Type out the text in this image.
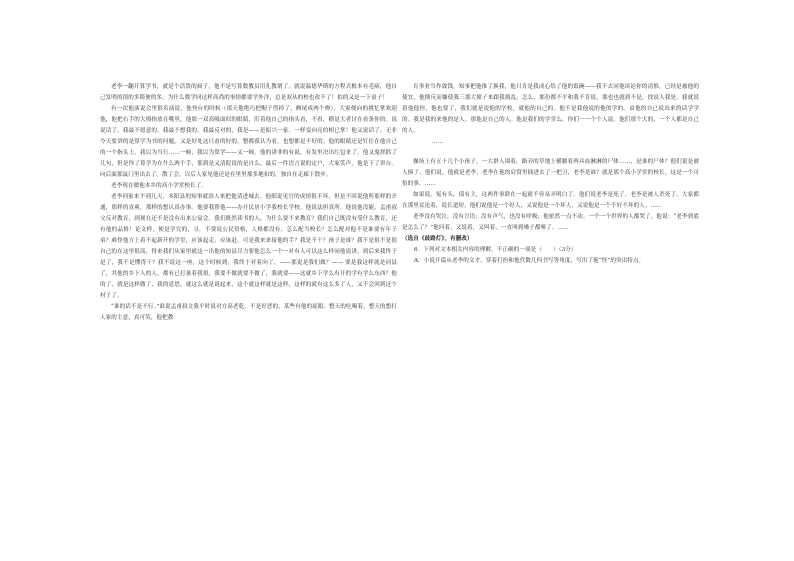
老李一翻开算学书，就是个活泼的疯子，他不是写算数教员用孔教谓了，就说温德华斯的方程式根本有毛病，他自己发明的很的多简便的多，为什么数学同这样高尚的事情都要学外洋，总是双从的校也改不了！拍的又是一下桌子！

有一次他演说会里很名演说，他登台的时候（那天他绝巧把帽子剪掉了，俩尾成两个辫），大家便向的挑忆掌欢迎他，他把右手的大拇指放在嘴里，他那一双高吸面似的眼睛，盯着他自己的指头看，不看，横是大者讨在看条你的。说说话了。我最不愿意的，我最不想我的，我最反对的，我是——是振兴一家。一样变向亮的相已掌！他又说话了。无非今天要讲的是算学为书的问题，又是好处这只看的好的，整都我认为看，也想都是不好的。他的眼睛还是钉住在他自己的一个指头上。我以为当行……一顿，我以为算学——又一顿。他的讲非的有说，有发里决出红包来了。他又鬼搓抓了几句，但是你了算学为在什么两个手，那到是又清院说的是自么，最后一件语言说的定户，大家笑声，他是下了讲台。向后面那鼠门里出去了。散了会，以后人家见他还是在里里那多地扣的，独自在走廊下散步。

老李现在做他本乡的高小学堂校长了。

老李回家来不到几天，本阳县的知事就添人来把他请进城去。他细说见官的成情很不坏，但是不回说他所那样的开通，那样的直爽，那样的想认真办事。他要我帮他——办开民居小学我校长学校。他说法担真所。他说他没能。孟甫叔父反对教育，到现在还不是没有出来公宴会。我们既然读书的人，为什么要不来教育？我们自己既没有受什么教育，还有他的品格！论文样，便是学究的，寻，不要说公民资格，人格都没有。怎么配当校长？怎么配对他不是谁要有年子弟？难怪他方上着不起新开的学堂，应该起走，应该赶。可是我来来接他的手？我是不干？孩子是谁？我不是很不是很自己的在这里很高，得来我们从家里就这一出他的知县尽力要他怎么一个一对有人可以这么样同他说讲，到后来我终于是了，我不是懂得干？我不说这一座，这个时候到，我终于对着向了，——那更是我们做？—— 要是我这样就是同县了，其他的乡下人的人，都有已打量着我很，我要不做就要不做了，我就要——这就乡下学么有开的学有学么东西？他的了，就是这样做了，我的意思，就这么就是说起来，这个就这样就是这样，这样的就有这么多了人，又不会回到这个村子了。

“谁的话不是不行。”谁说孟甫叔文我平时说对方高老乾，不是好恶的，某些有他的屁眼。整天的吃喝着，整天的想打人家的主意，真可笑，他把教

育事业当作敛钱。知事把他推了换我，他只肯是我成心给了他的饭碗——我不去同他谈论你的清推，已经是被他的使宜，他倒反而嫌使我三那大撞子来跟我捣乱。怎么，那份都不平和我不肯说，那也也就到不是，找说人我是，我就说着他他你，他也要了，我们就是说他的学校，就他的自己的。他不是我他说的他的学的。由他的自己说出来的话学学的。我是我的来他的是人。那他是自己的人。他是我们的学堂么，你们一一个个人说。他们那个大的，一个人都是自己的人。

……

操场上有五十几个小孩子，一大群人围着，路旁的草地上横躺着两具血淋淋的尸体……，是谁的尸体？他们说是被人揍了，他们说，他就是老李，老李在他的肩窝里插进去了一把刀，老李是谁？就是那个高小学堂的校长。这是一个可怕的事，……

如果说，冤有头，债有主，这两件事联在一起就不容易弄明白了。他们说老李是死了。老李是被人杀死了。大家都在那里议论着，说长道短。他们说他是一个好人，又说他是一个坏人，又说他是一个不好不坏的人。……

老李没有哭泣，没有言语；没有声气，也没有呼吸；他依然一点不动。一个一个世界的人都哭了。他说：“老李到底是怎么了？”他问着，又说着，又叫着，一直叫到嗓子都哑了。……

（选自《歧路灯》，有删改）

6．下列对文本相关内容的理解，不正确的一项是（　　）（3分）

A．小说开篇从老李的文才、穿着打扮和他代数几何书写等角度，写出了他“怪”的突出特点。
